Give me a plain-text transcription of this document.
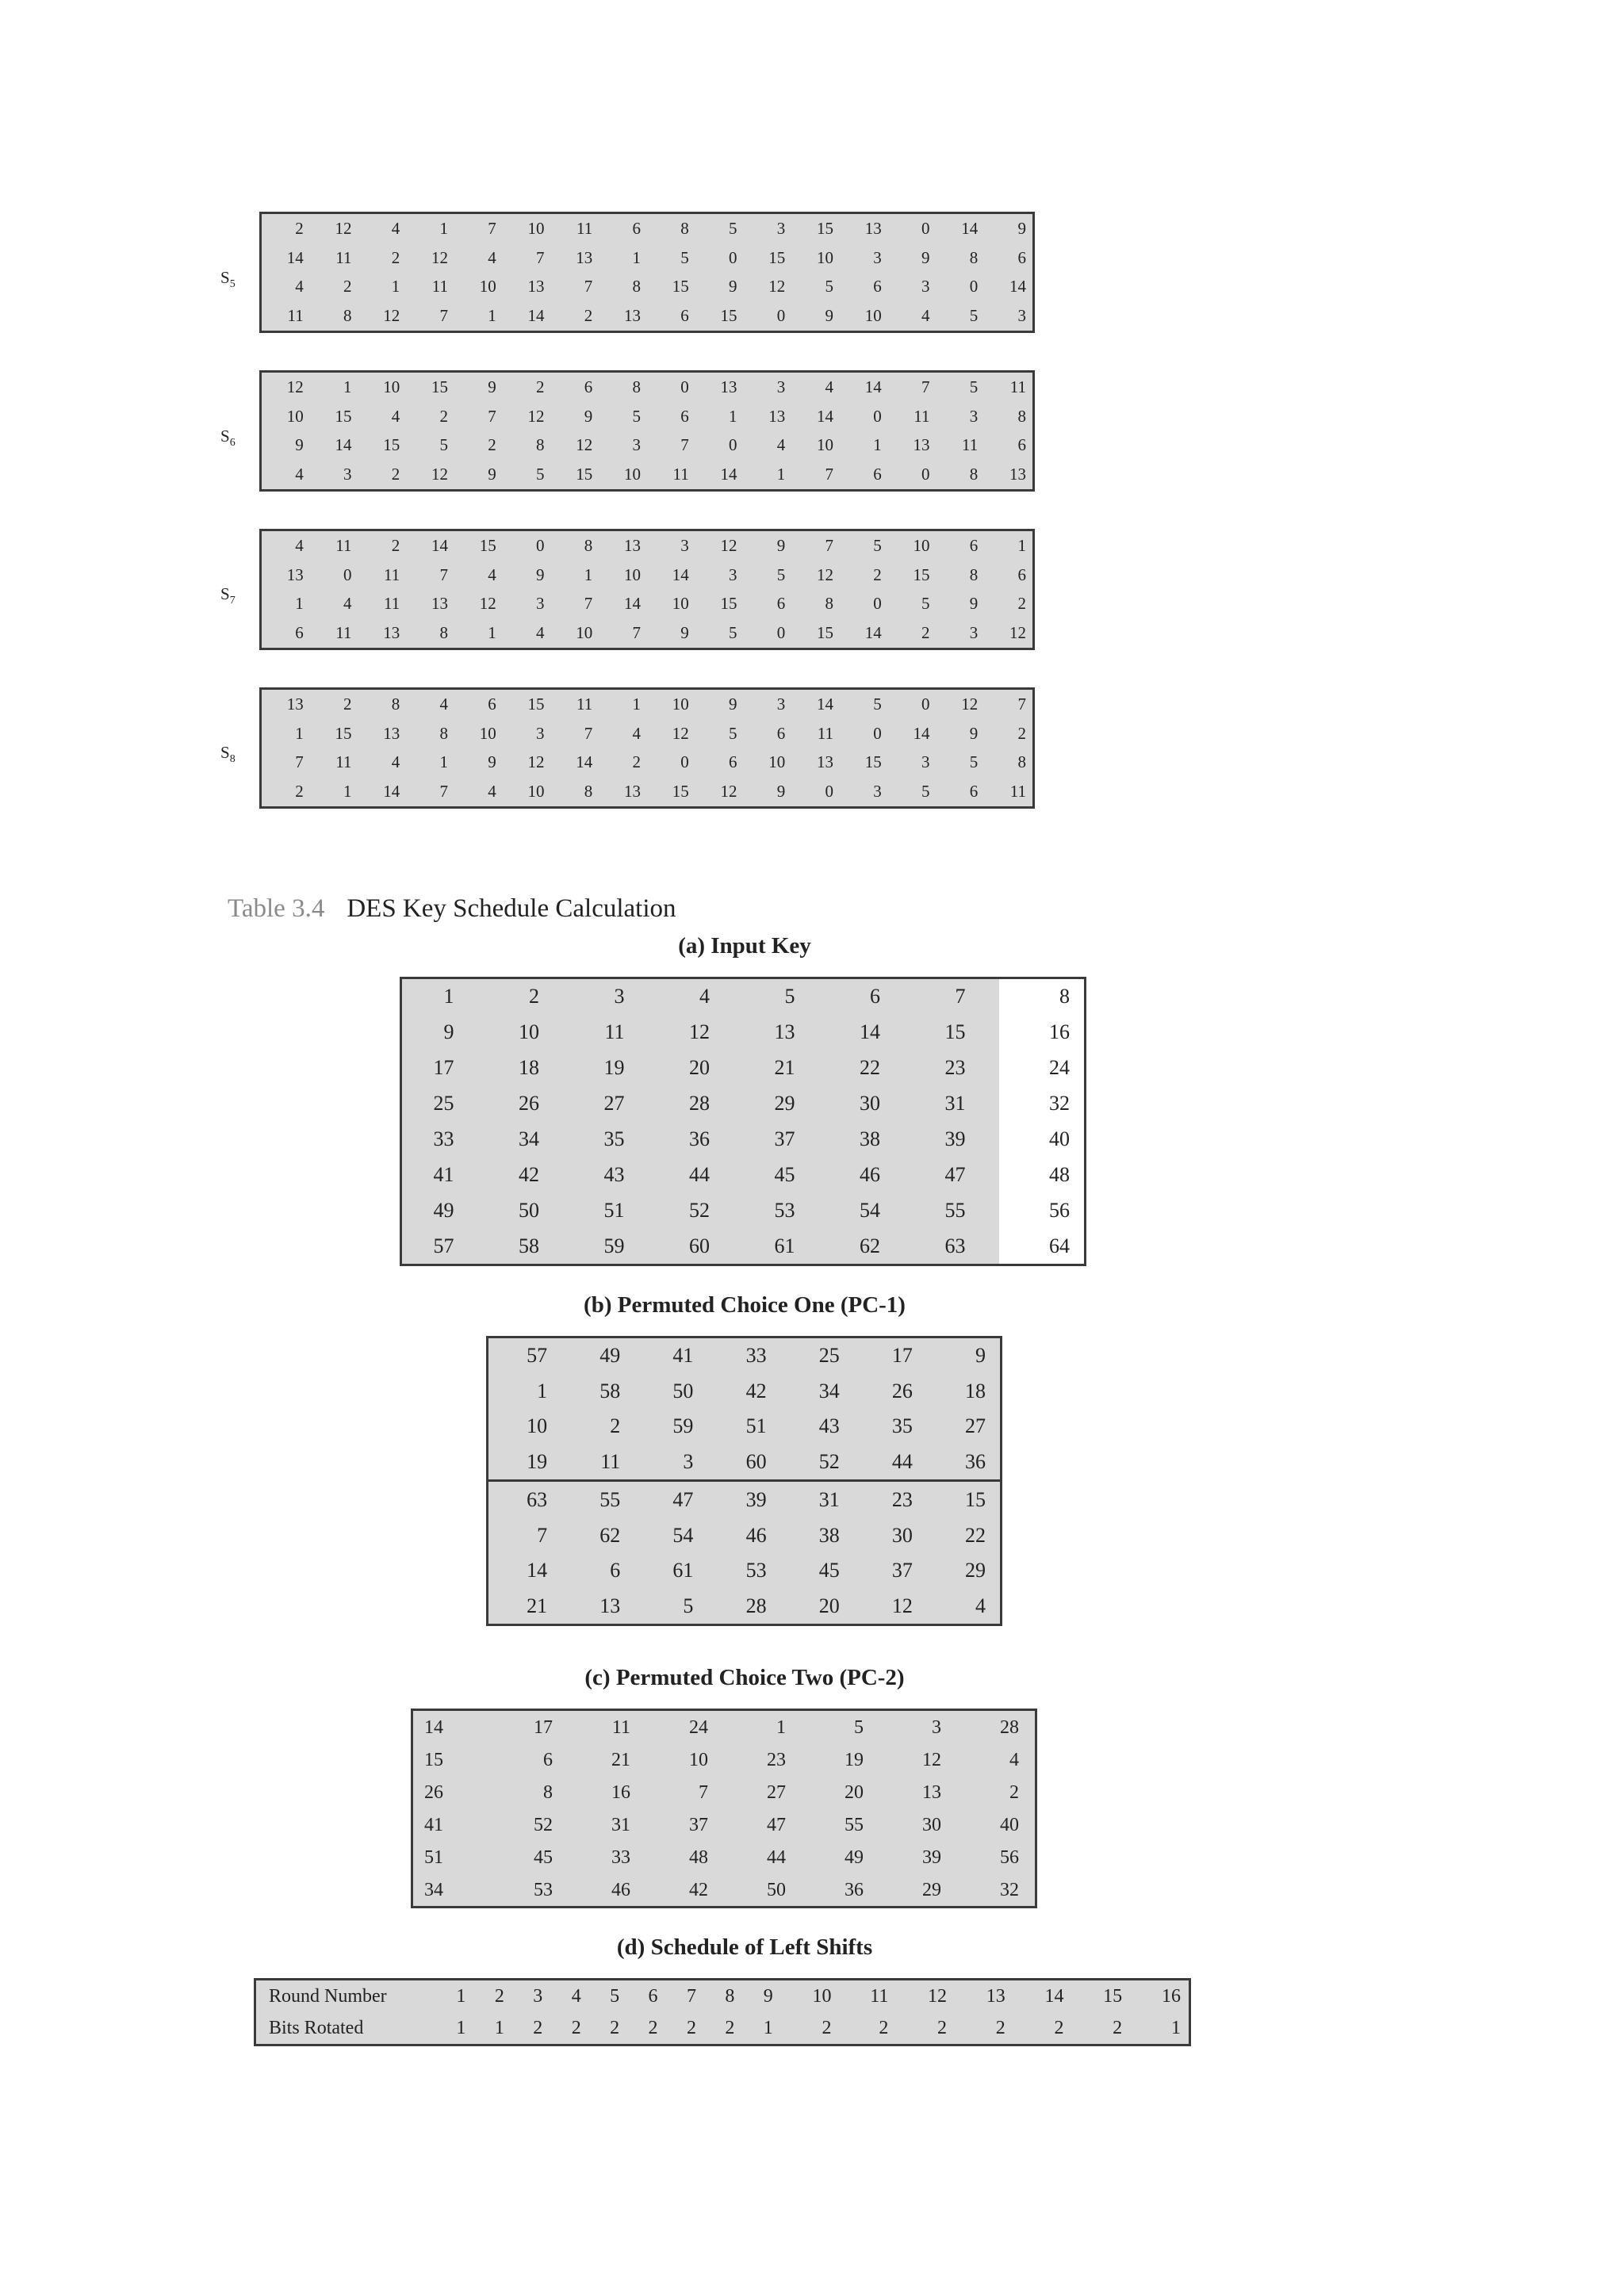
$S_5$
2	12	4	1	7	10	11	6	8	5	3	15	13	0	14	9
14	11	2	12	4	7	13	1	5	0	15	10	3	9	8	6
4	2	1	11	10	13	7	8	15	9	12	5	6	3	0	14
11	8	12	7	1	14	2	13	6	15	0	9	10	4	5	3
$S_6$
12	1	10	15	9	2	6	8	0	13	3	4	14	7	5	11
10	15	4	2	7	12	9	5	6	1	13	14	0	11	3	8
9	14	15	5	2	8	12	3	7	0	4	10	1	13	11	6
4	3	2	12	9	5	15	10	11	14	1	7	6	0	8	13
$S_7$
4	11	2	14	15	0	8	13	3	12	9	7	5	10	6	1
13	0	11	7	4	9	1	10	14	3	5	12	2	15	8	6
1	4	11	13	12	3	7	14	10	15	6	8	0	5	9	2
6	11	13	8	1	4	10	7	9	5	0	15	14	2	3	12
$S_8$
13	2	8	4	6	15	11	1	10	9	3	14	5	0	12	7
1	15	13	8	10	3	7	4	12	5	6	11	0	14	9	2
7	11	4	1	9	12	14	2	0	6	10	13	15	3	5	8
2	1	14	7	4	10	8	13	15	12	9	0	3	5	6	11
Table 3.4 DES Key Schedule Calculation
(a) Input Key
1	2	3	4	5	6	7	8
9	10	11	12	13	14	15	16
17	18	19	20	21	22	23	24
25	26	27	28	29	30	31	32
33	34	35	36	37	38	39	40
41	42	43	44	45	46	47	48
49	50	51	52	53	54	55	56
57	58	59	60	61	62	63	64
(b) Permuted Choice One (PC-1)
57	49	41	33	25	17	9
1	58	50	42	34	26	18
10	2	59	51	43	35	27
19	11	3	60	52	44	36
63	55	47	39	31	23	15
7	62	54	46	38	30	22
14	6	61	53	45	37	29
21	13	5	28	20	12	4
(c) Permuted Choice Two (PC-2)
14	17	11	24	1	5	3	28
15	6	21	10	23	19	12	4
26	8	16	7	27	20	13	2
41	52	31	37	47	55	30	40
51	45	33	48	44	49	39	56
34	53	46	42	50	36	29	32
(d) Schedule of Left Shifts
Round Number	1	2	3	4	5	6	7	8	9	10	11	12	13	14	15	16
Bits Rotated	1	1	2	2	2	2	2	2	1	2	2	2	2	2	2	1
